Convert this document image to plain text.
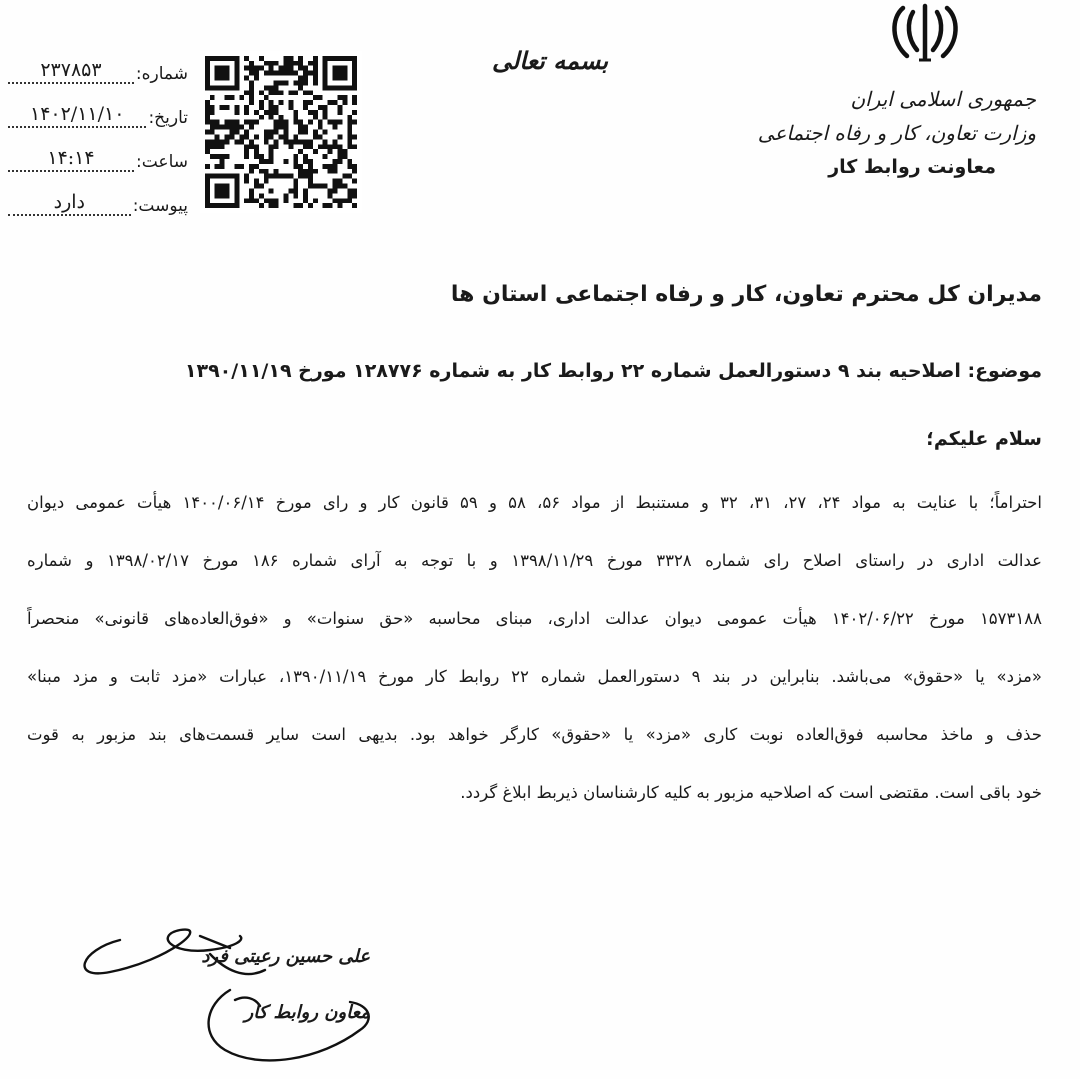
جمهوری اسلامی ایران
وزارت تعاون، کار و رفاه اجتماعی
معاونت روابط کار
بسمه تعالی
شماره:
۲۳۷۸۵۳
تاریخ:
۱۴۰۲/۱۱/۱۰
ساعت:
۱۴:۱۴
پیوست:
دارد
مدیران کل محترم تعاون، کار و رفاه اجتماعی استان ها
موضوع: اصلاحیه بند ۹ دستورالعمل شماره ۲۲ روابط کار به شماره ۱۲۸۷۷۶ مورخ ۱۳۹۰/۱۱/۱۹
سلام علیکم؛
احتراماً؛ با عنایت به مواد ۲۴، ۲۷، ۳۱، ۳۲ و مستنبط از مواد ۵۶، ۵۸ و ۵۹ قانون کار و رای مورخ ۱۴۰۰/۰۶/۱۴ هیأت عمومی دیوان
عدالت اداری در راستای اصلاح رای شماره ۳۳۲۸ مورخ ۱۳۹۸/۱۱/۲۹ و با توجه به آرای شماره ۱۸۶ مورخ ۱۳۹۸/۰۲/۱۷ و شماره
۱۵۷۳۱۸۸ مورخ ۱۴۰۲/۰۶/۲۲ هیأت عمومی دیوان عدالت اداری، مبنای محاسبه «حق سنوات» و «فوق‌العاده‌های قانونی» منحصراً
«مزد» یا «حقوق» می‌باشد. بنابراین در بند ۹ دستورالعمل شماره ۲۲ روابط کار مورخ ۱۳۹۰/۱۱/۱۹، عبارات «مزد ثابت و مزد مبنا»
حذف و ماخذ محاسبه فوق‌العاده نوبت کاری «مزد» یا «حقوق» کارگر خواهد بود. بدیهی است سایر قسمت‌های بند مزبور به قوت
خود باقی است. مقتضی است که اصلاحیه مزبور به کلیه کارشناسان ذیربط ابلاغ گردد.
علی حسین رعیتی فرد
معاون روابط کار
